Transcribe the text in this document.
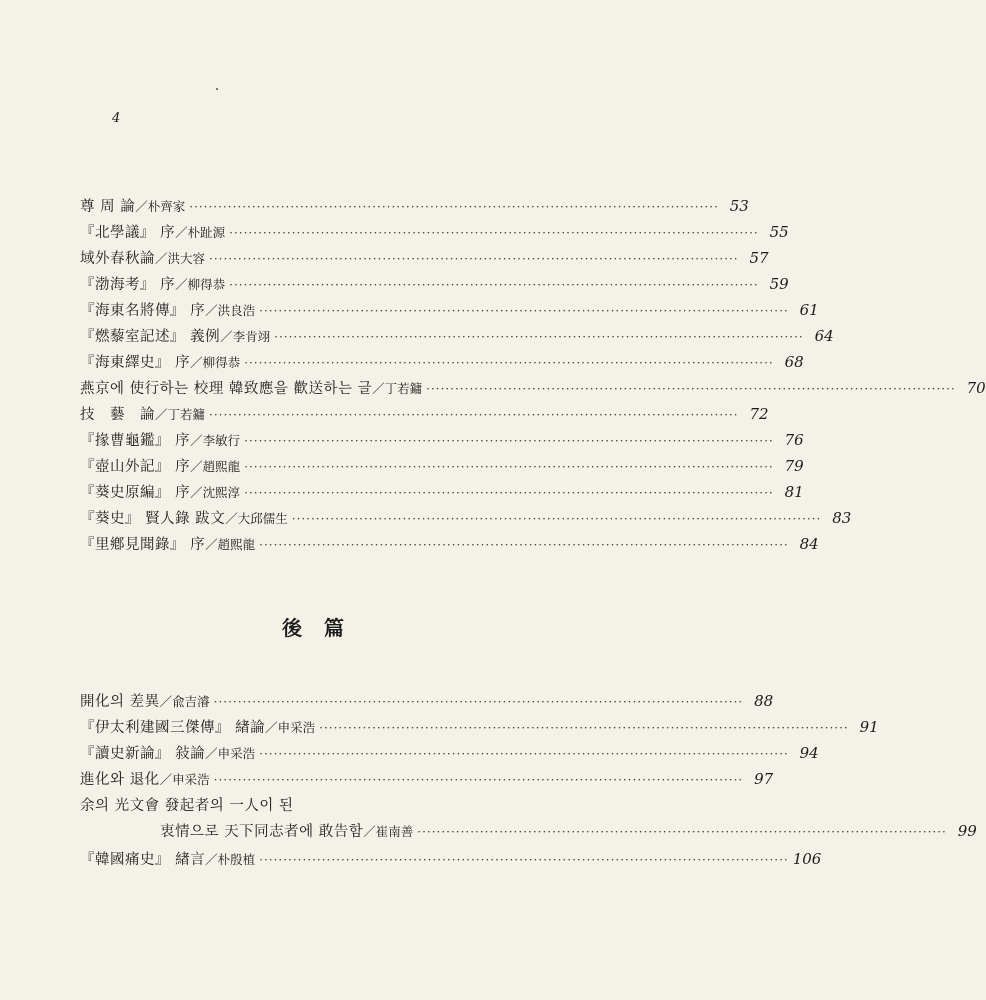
4
尊 周 論 ／朴齊家 ·············································································································· 53
『北學議』 序 ／朴趾源 ·············································································································· 55
域外春秋論 ／洪大容 ·············································································································· 57
『渤海考』 序 ／柳得恭 ·············································································································· 59
『海東名將傳』 序 ／洪良浩 ·············································································································· 61
『燃藜室記述』 義例 ／李肯翊 ·············································································································· 64
『海東繹史』 序 ／柳得恭 ·············································································································· 68
燕京에 使行하는 校理 韓致應을 歡送하는 글 ／丁若鏞 ·············································································································· 70
技　藝　論 ／丁若鏞 ·············································································································· 72
『掾曹龜鑑』 序 ／李敏行 ·············································································································· 76
『壺山外記』 序 ／趙熙龍 ·············································································································· 79
『葵史原編』 序 ／沈熙淳 ·············································································································· 81
『葵史』 賢人錄 跋文 ／大邱儒生 ·············································································································· 83
『里鄕見聞錄』 序 ／趙熙龍 ·············································································································· 84
後篇
開化의 差異 ／兪吉濬 ·············································································································· 88
『伊太利建國三傑傳』 緖論 ／申采浩 ·············································································································· 91
『讀史新論』 敍論 ／申采浩 ·············································································································· 94
進化와 退化 ／申采浩 ·············································································································· 97
余의 光文會 發起者의 一人이 된
衷情으로 天下同志者에 敢告함 ／崔南善 ·············································································································· 99
『韓國痛史』 緖言 ／朴殷植 ·············································································································· 106
